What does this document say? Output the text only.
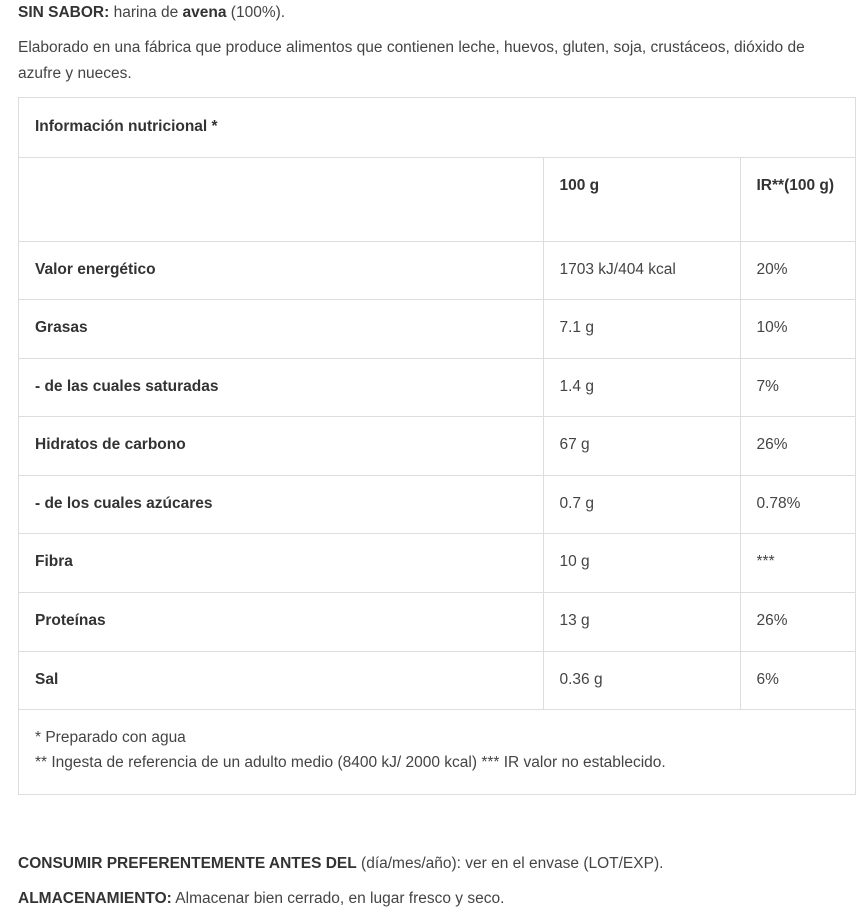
SIN SABOR: harina de avena (100%).
Elaborado en una fábrica que produce alimentos que contienen leche, huevos, gluten, soja, crustáceos, dióxido de azufre y nueces.
Información nutricional *		
	100 g	IR**(100 g)
Valor energético	1703 kJ/404 kcal	20%
Grasas	7.1 g	10%
- de las cuales saturadas	1.4 g	7%
Hidratos de carbono	67 g	26%
- de los cuales azúcares	0.7 g	0.78%
Fibra	10 g	***
Proteínas	13 g	26%
Sal	0.36 g	6%

* Preparado con agua
** Ingesta de referencia de un adulto medio (8400 kJ/ 2000 kcal) *** IR valor no establecido.		
CONSUMIR PREFERENTEMENTE ANTES DEL (día/mes/año): ver en el envase (LOT/EXP).
ALMACENAMIENTO: Almacenar bien cerrado, en lugar fresco y seco.
